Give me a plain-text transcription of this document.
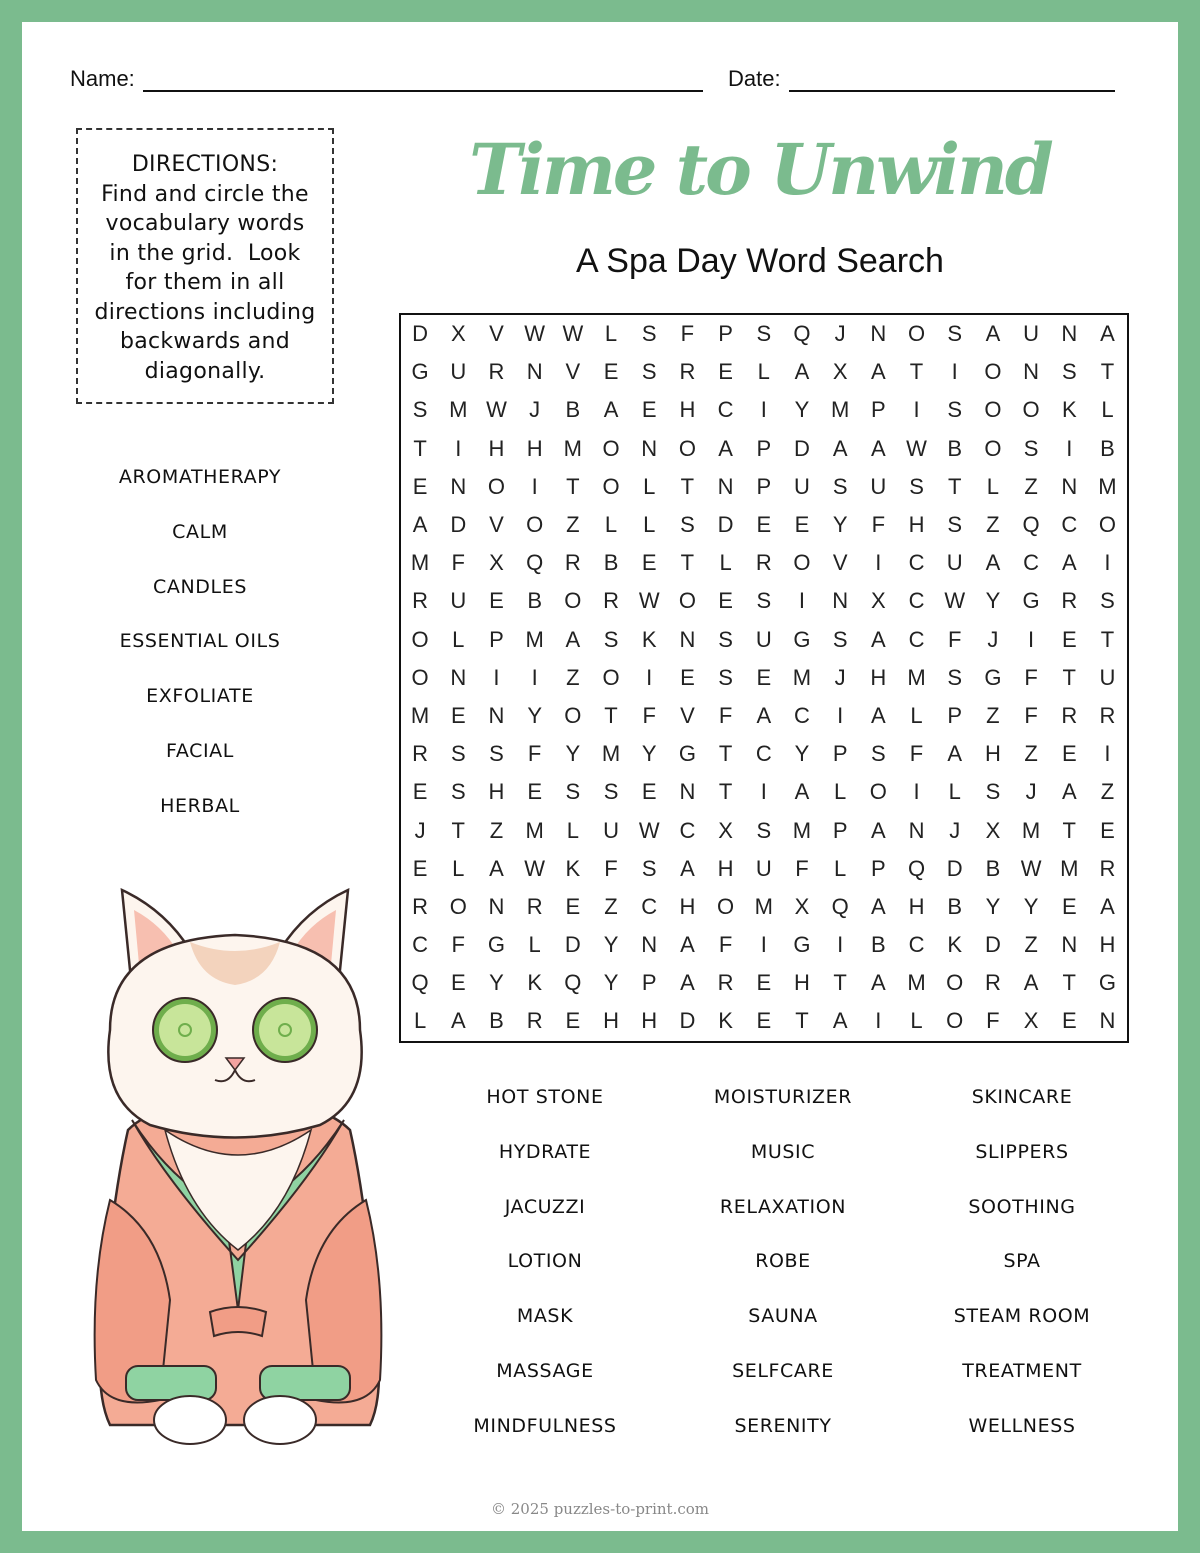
Name:	Date:
DIRECTIONS:
Find and circle the
vocabulary words
in the grid.  Look
for them in all
directions including
backwards and
diagonally.
Time to Unwind
A Spa Day Word Search
AROMATHERAPY
CALM
CANDLES
ESSENTIAL OILS
EXFOLIATE
FACIAL
HERBAL
D	X	V	W	W	L	S	F	P	S	Q	J	N	O	S	A	U	N	A
G	U	R	N	V	E	S	R	E	L	A	X	A	T	I	O	N	S	T
S	M	W	J	B	A	E	H	C	I	Y	M	P	I	S	O	O	K	L
T	I	H	H	M	O	N	O	A	P	D	A	A	W	B	O	S	I	B
E	N	O	I	T	O	L	T	N	P	U	S	U	S	T	L	Z	N	M
A	D	V	O	Z	L	L	S	D	E	E	Y	F	H	S	Z	Q	C	O
M	F	X	Q	R	B	E	T	L	R	O	V	I	C	U	A	C	A	I
R	U	E	B	O	R	W	O	E	S	I	N	X	C	W	Y	G	R	S
O	L	P	M	A	S	K	N	S	U	G	S	A	C	F	J	I	E	T
O	N	I	I	Z	O	I	E	S	E	M	J	H	M	S	G	F	T	U
M	E	N	Y	O	T	F	V	F	A	C	I	A	L	P	Z	F	R	R
R	S	S	F	Y	M	Y	G	T	C	Y	P	S	F	A	H	Z	E	I
E	S	H	E	S	S	E	N	T	I	A	L	O	I	L	S	J	A	Z
J	T	Z	M	L	U	W	C	X	S	M	P	A	N	J	X	M	T	E
E	L	A	W	K	F	S	A	H	U	F	L	P	Q	D	B	W	M	R
R	O	N	R	E	Z	C	H	O	M	X	Q	A	H	B	Y	Y	E	A
C	F	G	L	D	Y	N	A	F	I	G	I	B	C	K	D	Z	N	H
Q	E	Y	K	Q	Y	P	A	R	E	H	T	A	M	O	R	A	T	G
L	A	B	R	E	H	H	D	K	E	T	A	I	L	O	F	X	E	N
HOT STONE
HYDRATE
JACUZZI
LOTION
MASK
MASSAGE
MINDFULNESS
MOISTURIZER
MUSIC
RELAXATION
ROBE
SAUNA
SELFCARE
SERENITY
SKINCARE
SLIPPERS
SOOTHING
SPA
STEAM ROOM
TREATMENT
WELLNESS
© 2025 puzzles-to-print.com
